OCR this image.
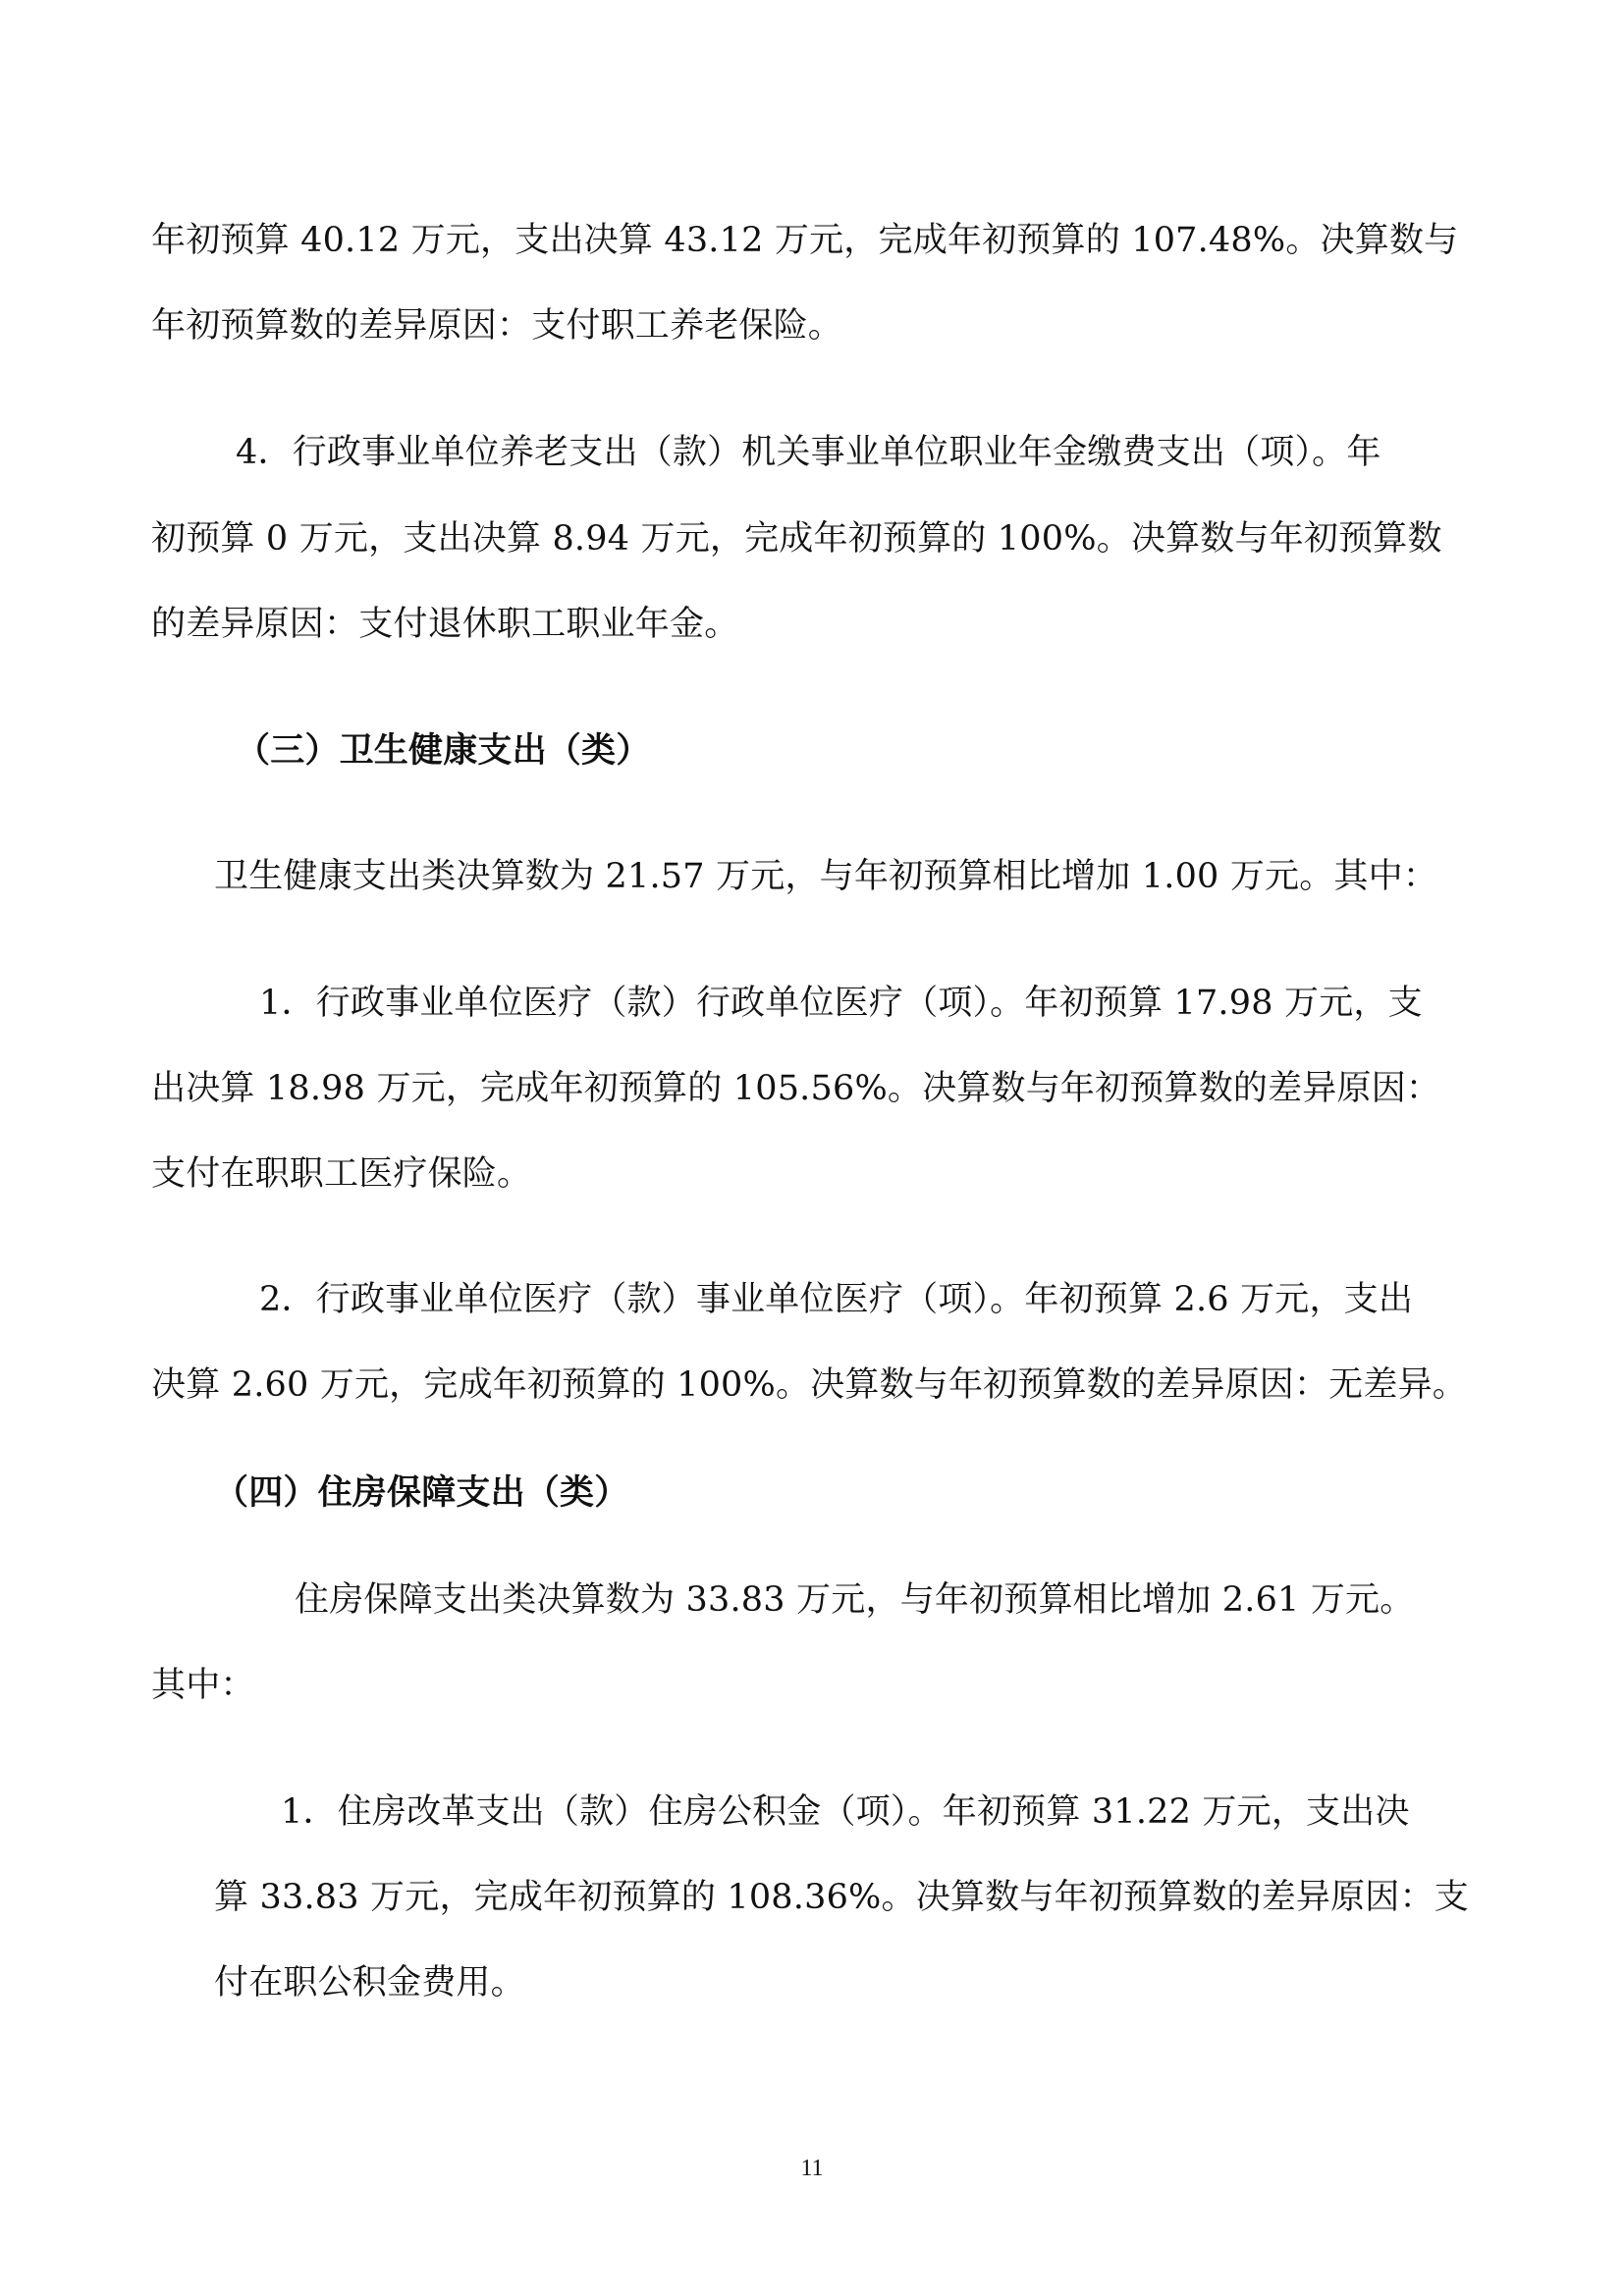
年初预算 40.12 万元，支出决算 43.12 万元，完成年初预算的 107.48%。决算数与
年初预算数的差异原因：支付职工养老保险。
4．行政事业单位养老支出（款）机关事业单位职业年金缴费支出（项）。年
初预算 0 万元，支出决算 8.94 万元，完成年初预算的 100%。决算数与年初预算数
的差异原因：支付退休职工职业年金。
（三）卫生健康支出（类）
卫生健康支出类决算数为 21.57 万元，与年初预算相比增加 1.00 万元。其中：
1．行政事业单位医疗（款）行政单位医疗（项）。年初预算 17.98 万元，支
出决算 18.98 万元，完成年初预算的 105.56%。决算数与年初预算数的差异原因：
支付在职职工医疗保险。
2．行政事业单位医疗（款）事业单位医疗（项）。年初预算 2.6 万元，支出
决算 2.60 万元，完成年初预算的 100%。决算数与年初预算数的差异原因：无差异。
（四）住房保障支出（类）
住房保障支出类决算数为 33.83 万元，与年初预算相比增加 2.61 万元。
其中：
1．住房改革支出（款）住房公积金（项）。年初预算 31.22 万元，支出决
算 33.83 万元，完成年初预算的 108.36%。决算数与年初预算数的差异原因：支
付在职公积金费用。
11
